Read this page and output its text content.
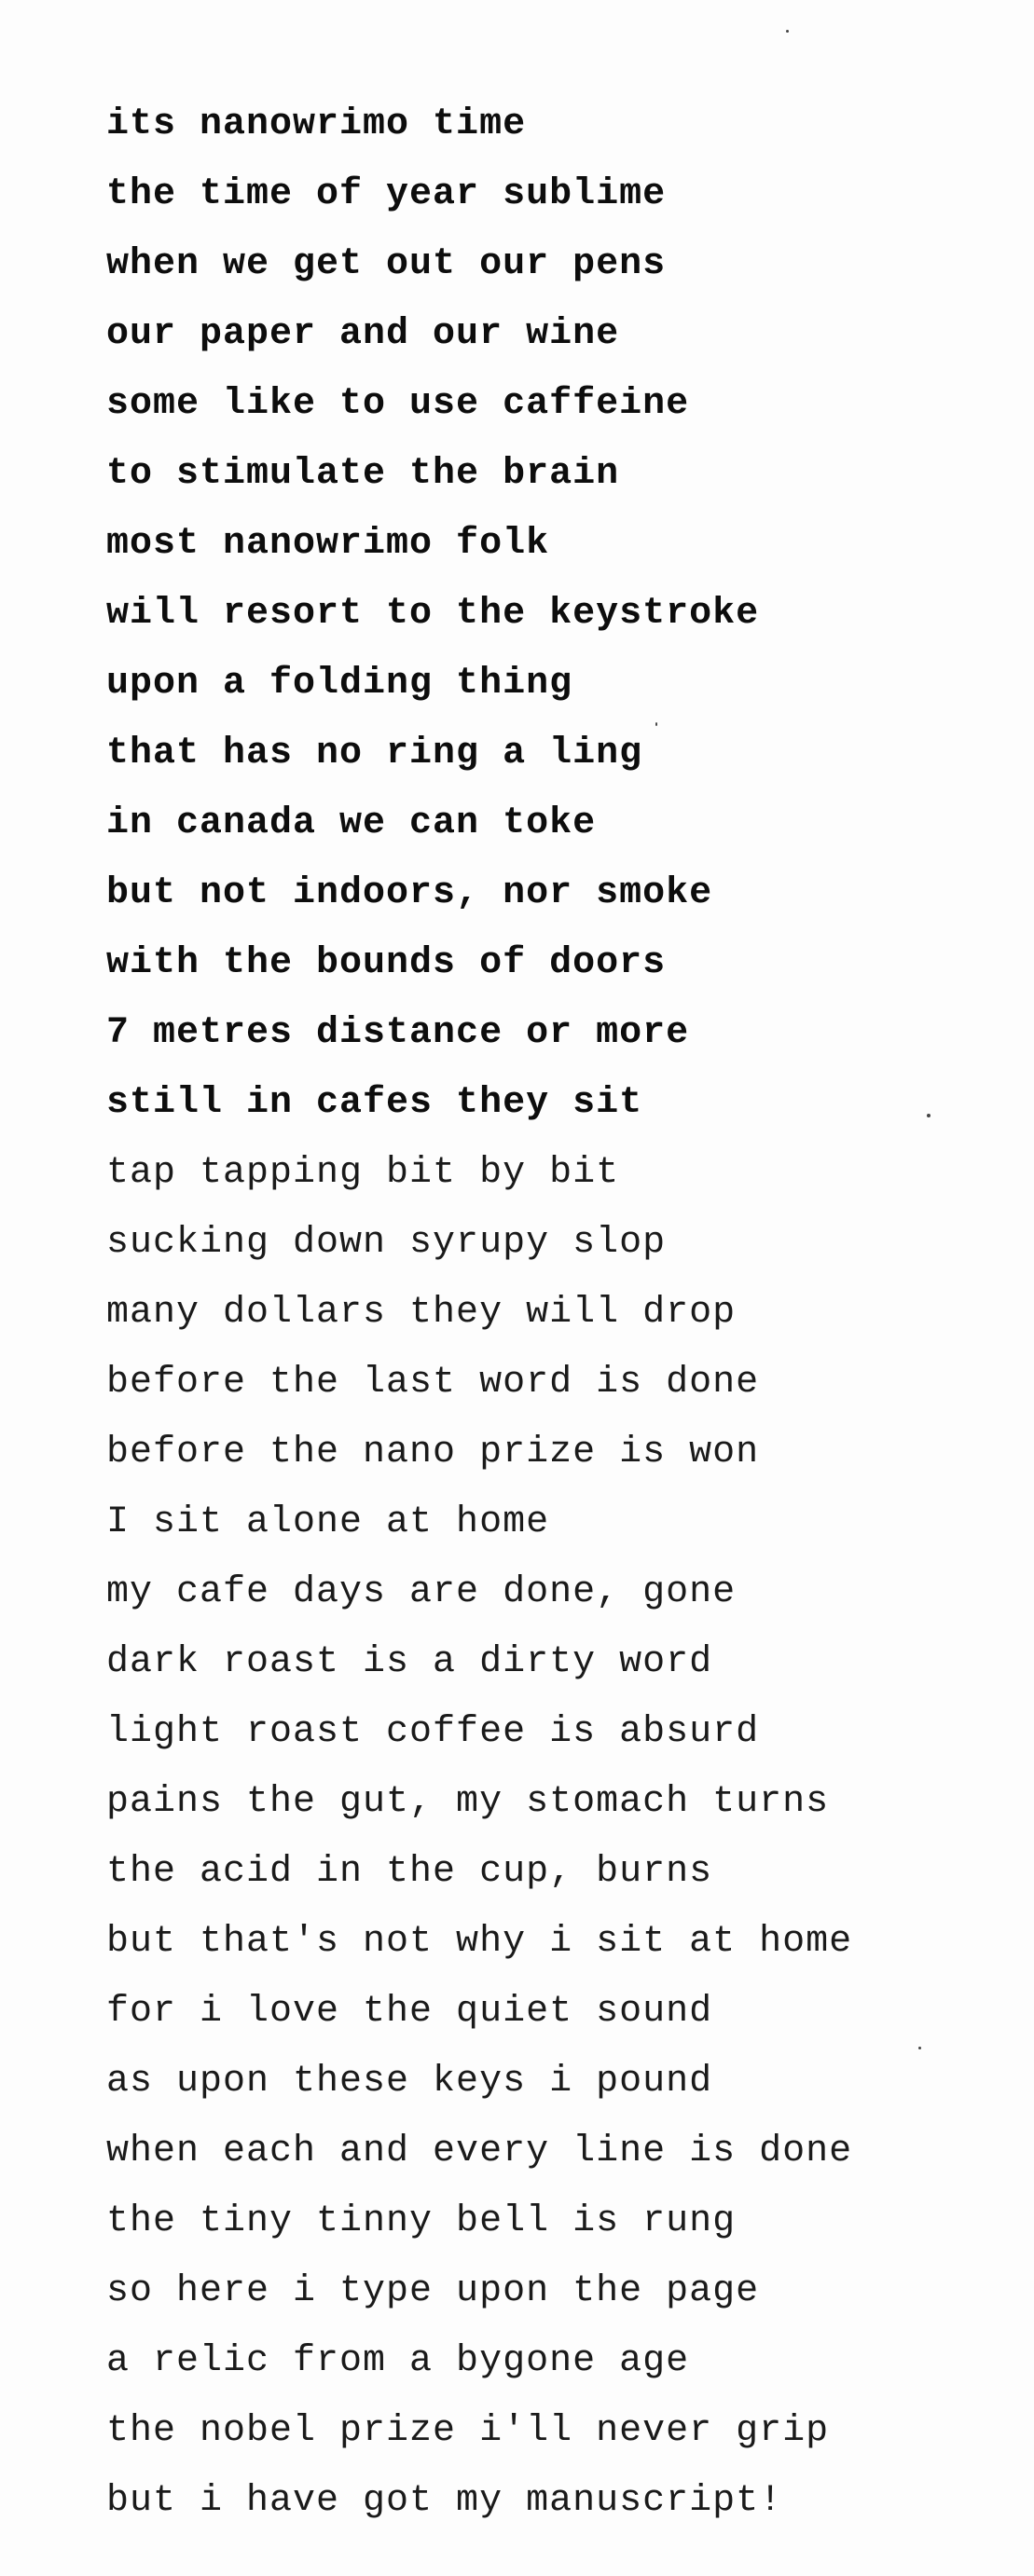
its nanowrimo time
the time of year sublime
when we get out our pens
our paper and our wine
some like to use caffeine
to stimulate the brain
most nanowrimo folk
will resort to the keystroke
upon a folding thing
that has no ring a ling
in canada we can toke
but not indoors, nor smoke
with the bounds of doors
7 metres distance or more
still in cafes they sit
tap tapping bit by bit
sucking down syrupy slop
many dollars they will drop
before the last word is done
before the nano prize is won
I sit alone at home
my cafe days are done, gone
dark roast is a dirty word
light roast coffee is absurd
pains the gut, my stomach turns
the acid in the cup, burns
but that's not why i sit at home
for i love the quiet sound
as upon these keys i pound
when each and every line is done
the tiny tinny bell is rung
so here i type upon the page
a relic from a bygone age
the nobel prize i'll never grip
but i have got my manuscript!
